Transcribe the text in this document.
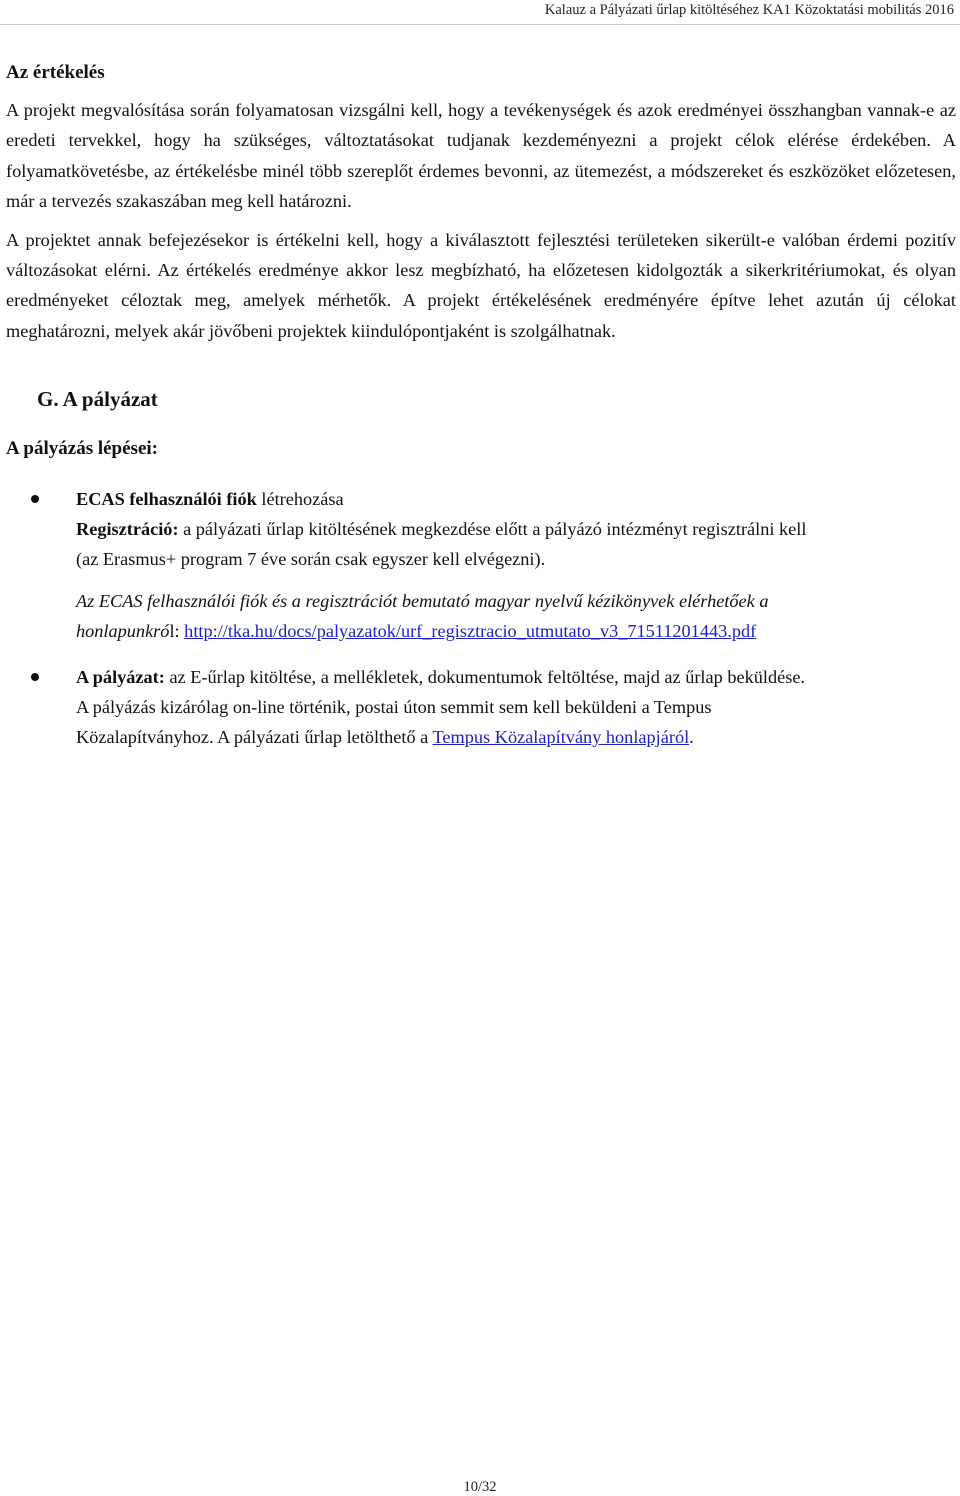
Kalauz a Pályázati űrlap kitöltéséhez KA1 Közoktatási mobilitás 2016
Az értékelés

A projekt megvalósítása során folyamatosan vizsgálni kell, hogy a tevékenységek és azok eredményei összhangban vannak-e az eredeti tervekkel, hogy ha szükséges, változtatásokat tudjanak kezdeményezni a projekt célok elérése érdekében. A folyamatkövetésbe, az értékelésbe minél több szereplőt érdemes bevonni, az ütemezést, a módszereket és eszközöket előzetesen, már a tervezés szakaszában meg kell határozni.

A projektet annak befejezésekor is értékelni kell, hogy a kiválasztott fejlesztési területeken sikerült-e valóban érdemi pozitív változásokat elérni. Az értékelés eredménye akkor lesz megbízható, ha előzetesen kidolgozták a sikerkritériumokat, és olyan eredményeket céloztak meg, amelyek mérhetők. A projekt értékelésének eredményére építve lehet azután új célokat meghatározni, melyek akár jövőbeni projektek kiindulópontjaként is szolgálhatnak.

G. A pályázat
A pályázás lépései:
ECAS felhasználói fiók létrehozása
Regisztráció: a pályázati űrlap kitöltésének megkezdése előtt a pályázó intézményt regisztrálni kell
(az Erasmus+ program 7 éve során csak egyszer kell elvégezni).
Az ECAS felhasználói fiók és a regisztrációt bemutató magyar nyelvű kézikönyvek elérhetőek a
honlapunkról: http://tka.hu/docs/palyazatok/urf_regisztracio_utmutato_v3_71511201443.pdf
A pályázat: az E-űrlap kitöltése, a mellékletek, dokumentumok feltöltése, majd az űrlap beküldése.
A pályázás kizárólag on-line történik, postai úton semmit sem kell beküldeni a Tempus
Közalapítványhoz. A pályázati űrlap letölthető a Tempus Közalapítvány honlapjáról.
10/32
